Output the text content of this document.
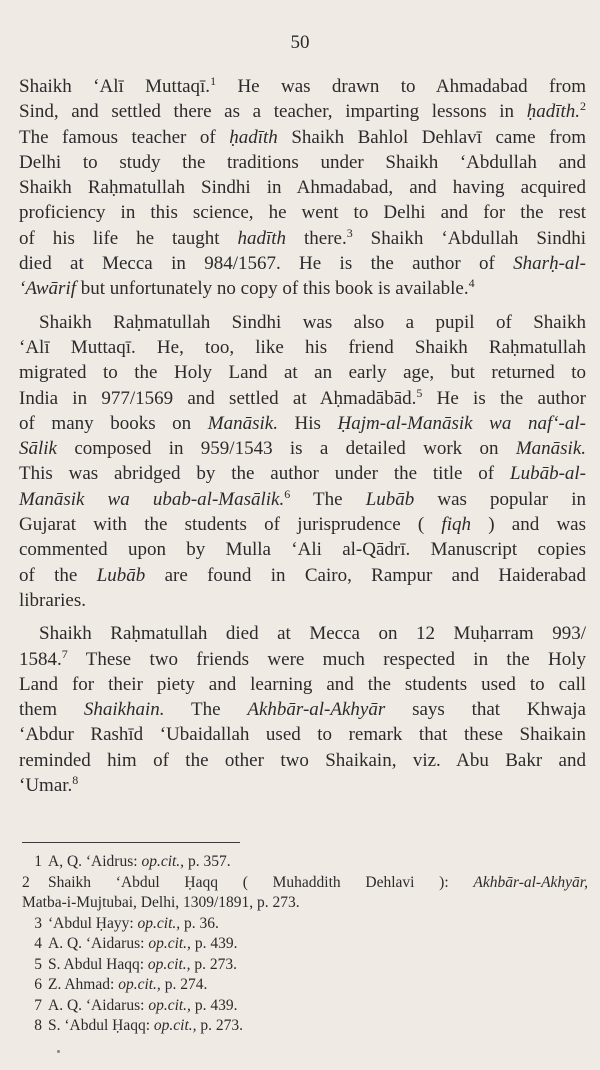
50
Shaikh ‘Alī Muttaqī.$^1$ He was drawn to Ahmadabad from
Sind, and settled there as a teacher, imparting lessons in ḥadīth.$^2$
The famous teacher of ḥadīth Shaikh Bahlol Dehlavī came from
Delhi to study the traditions under Shaikh ‘Abdullah and
Shaikh Raḥmatullah Sindhi in Ahmadabad, and having acquired
proficiency in this science, he went to Delhi and for the rest
of his life he taught hadīth there.$^3$ Shaikh ‘Abdullah Sindhi
died at Mecca in 984/1567. He is the author of Sharḥ-al-
‘Awārif but unfortunately no copy of this book is available.$^4$
Shaikh Raḥmatullah Sindhi was also a pupil of Shaikh
‘Alī Muttaqī. He, too, like his friend Shaikh Raḥmatullah
migrated to the Holy Land at an early age, but returned to
India in 977/1569 and settled at Aḥmadābād.$^5$ He is the author
of many books on Manāsik. His Ḥajm-al-Manāsik wa naf‘-al-
Sālik composed in 959/1543 is a detailed work on Manāsik.
This was abridged by the author under the title of Lubāb-al-
Manāsik wa ubab-al-Masālik.$^6$ The Lubāb was popular in
Gujarat with the students of jurisprudence ( fiqh ) and was
commented upon by Mulla ‘Ali al-Qādrī. Manuscript copies
of the Lubāb are found in Cairo, Rampur and Haiderabad
libraries.
Shaikh Raḥmatullah died at Mecca on 12 Muḥarram 993/
1584.$^7$ These two friends were much respected in the Holy
Land for their piety and learning and the students used to call
them Shaikhain. The Akhbār-al-Akhyār says that Khwaja
‘Abdur Rashīd ‘Ubaidallah used to remark that these Shaikain
reminded him of the other two Shaikain, viz. Abu Bakr and
‘Umar.$^8$
1 A, Q. ‘Aidrus: op.cit., p. 357.
2 Shaikh ‘Abdul Ḥaqq ( Muhaddith Dehlavi ): Akhbār-al-Akhyār,
Matba-i-Mujtubai, Delhi, 1309/1891, p. 273.
3 ‘Abdul Ḥayy: op.cit., p. 36.
4 A. Q. ‘Aidarus: op.cit., p. 439.
5 S. Abdul Haqq: op.cit., p. 273.
6 Z. Ahmad: op.cit., p. 274.
7 A. Q. ‘Aidarus: op.cit., p. 439.
8 S. ‘Abdul Ḥaqq: op.cit., p. 273.
